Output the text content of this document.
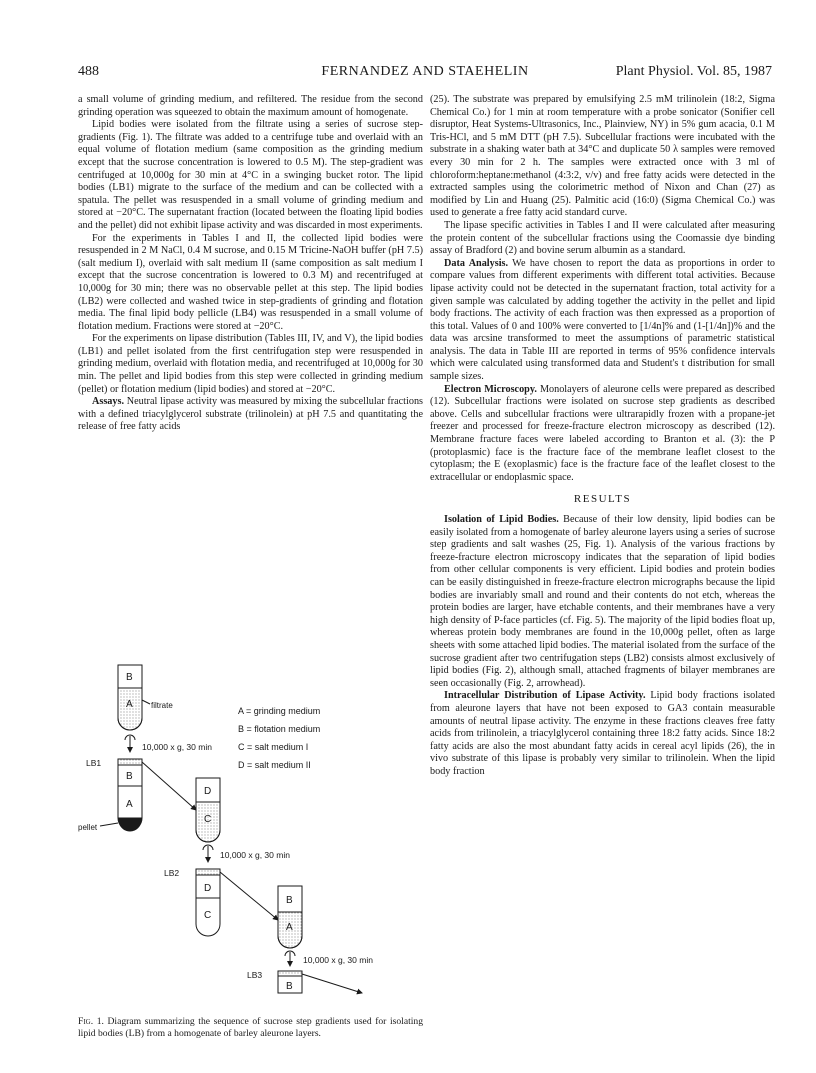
488	FERNANDEZ AND STAEHELIN	Plant Physiol. Vol. 85, 1987

a small volume of grinding medium, and refiltered. The residue from the second grinding operation was squeezed to obtain the maximum amount of homogenate.

Lipid bodies were isolated from the filtrate using a series of sucrose step-gradients (Fig. 1). The filtrate was added to a centrifuge tube and overlaid with an equal volume of flotation medium (same composition as the grinding medium except that the sucrose concentration is lowered to 0.5 M). The step-gradient was centrifuged at 10,000g for 30 min at 4°C in a swinging bucket rotor. The lipid bodies (LB1) migrate to the surface of the medium and can be collected with a spatula. The pellet was resuspended in a small volume of grinding medium and stored at −20°C. The supernatant fraction (located between the floating lipid bodies and the pellet) did not exhibit lipase activity and was discarded in most experiments.

For the experiments in Tables I and II, the collected lipid bodies were resuspended in 2 M NaCl, 0.4 M sucrose, and 0.15 M Tricine-NaOH buffer (pH 7.5) (salt medium I), overlaid with salt medium II (same composition as salt medium I except that the sucrose concentration is lowered to 0.3 M) and recentrifuged at 10,000g for 30 min; there was no observable pellet at this step. The lipid bodies (LB2) were collected and washed twice in step-gradients of grinding and flotation media. The final lipid body pellicle (LB4) was resuspended in a small volume of flotation medium. Fractions were stored at −20°C.

For the experiments on lipase distribution (Tables III, IV, and V), the lipid bodies (LB1) and pellet isolated from the first centrifugation step were resuspended in grinding medium, overlaid with flotation media, and recentrifuged at 10,000g for 30 min. The pellet and lipid bodies from this step were collected in grinding medium (pellet) or flotation medium (lipid bodies) and stored at −20°C.

Assays. Neutral lipase activity was measured by mixing the subcellular fractions with a defined triacylglycerol substrate (trilinolein) at pH 7.5 and quantitating the release of free fatty acids

(25). The substrate was prepared by emulsifying 2.5 mM trilinolein (18:2, Sigma Chemical Co.) for 1 min at room temperature with a probe sonicator (Sonifier cell disruptor, Heat Systems-Ultrasonics, Inc., Plainview, NY) in 5% gum acacia, 0.1 M Tris-HCl, and 5 mM DTT (pH 7.5). Subcellular fractions were incubated with the substrate in a shaking water bath at 34°C and duplicate 50 λ samples were removed every 30 min for 2 h. The samples were extracted once with 3 ml of chloroform:heptane:methanol (4:3:2, v/v) and free fatty acids were detected in the extracted samples using the colorimetric method of Nixon and Chan (27) as modified by Lin and Huang (25). Palmitic acid (16:0) (Sigma Chemical Co.) was used to generate a free fatty acid standard curve.

The lipase specific activities in Tables I and II were calculated after measuring the protein content of the subcellular fractions using the Coomassie dye binding assay of Bradford (2) and bovine serum albumin as a standard.

Data Analysis. We have chosen to report the data as proportions in order to compare values from different experiments with different total activities. Because lipase activity could not be detected in the supernatant fraction, total activity for a given sample was calculated by adding together the activity in the pellet and lipid body fractions. The activity of each fraction was then expressed as a proportion of this total. Values of 0 and 100% were converted to [1/4n]% and (1-[1/4n])% and the data was arcsine transformed to meet the assumptions of parametric statistical analysis. The data in Table III are reported in terms of 95% confidence intervals which were calculated using transformed data and Student's t distribution for small sample sizes.

Electron Microscopy. Monolayers of aleurone cells were prepared as described (12). Subcellular fractions were isolated on sucrose step gradients as described above. Cells and subcellular fractions were ultrarapidly frozen with a propane-jet freezer and processed for freeze-fracture electron microscopy as described (12). Membrane fracture faces were labeled according to Branton et al. (3): the P (protoplasmic) face is the fracture face of the membrane leaflet closest to the cytoplasm; the E (exoplasmic) face is the fracture face of the leaflet closest to the extracellular or endoplasmic space.

RESULTS

Isolation of Lipid Bodies. Because of their low density, lipid bodies can be easily isolated from a homogenate of barley aleurone layers using a series of sucrose step gradients and salt washes (25, Fig. 1). Analysis of the various fractions by freeze-fracture electron microscopy indicates that the separation of lipid bodies from other cellular components is very efficient. Lipid bodies and protein bodies can be easily distinguished in freeze-fracture electron micrographs because the lipid bodies are invariably small and round and their contents do not etch, whereas the protein bodies are larger, have etchable contents, and their membranes have a very high density of P-face particles (cf. Fig. 5). The majority of the lipid bodies float up, whereas protein body membranes are found in the 10,000g pellet, often as large sheets with some attached lipid bodies. The material isolated from the surface of the sucrose gradient after two centrifugation steps (LB2) consists almost exclusively of lipid bodies (Fig. 2), although small, attached fragments of bilayer membranes are seen occasionally (Fig. 2, arrowhead).

Intracellular Distribution of Lipase Activity. Lipid body fractions isolated from aleurone layers that have not been exposed to GA3 contain measurable amounts of neutral lipase activity. The enzyme in these fractions cleaves free fatty acids from trilinolein, a triacylglycerol containing three 18:2 fatty acids. Since 18:2 fatty acids are also the most abundant fatty acids in cereal acyl lipids (26), the in vivo substrate of this lipase is probably very similar to trilinolein. When the lipid body fraction

B
A filtrate
A = grinding medium
B = flotation medium
C = salt medium I
D = salt medium II
10,000 x g, 30 min
LB1
B
A
pellet
D
C
10,000 x g, 30 min
LB2
D
C
B
A
10,000 x g, 30 min
LB3
B
Fig. 1. Diagram summarizing the sequence of sucrose step gradients used for isolating lipid bodies (LB) from a homogenate of barley aleurone layers.
